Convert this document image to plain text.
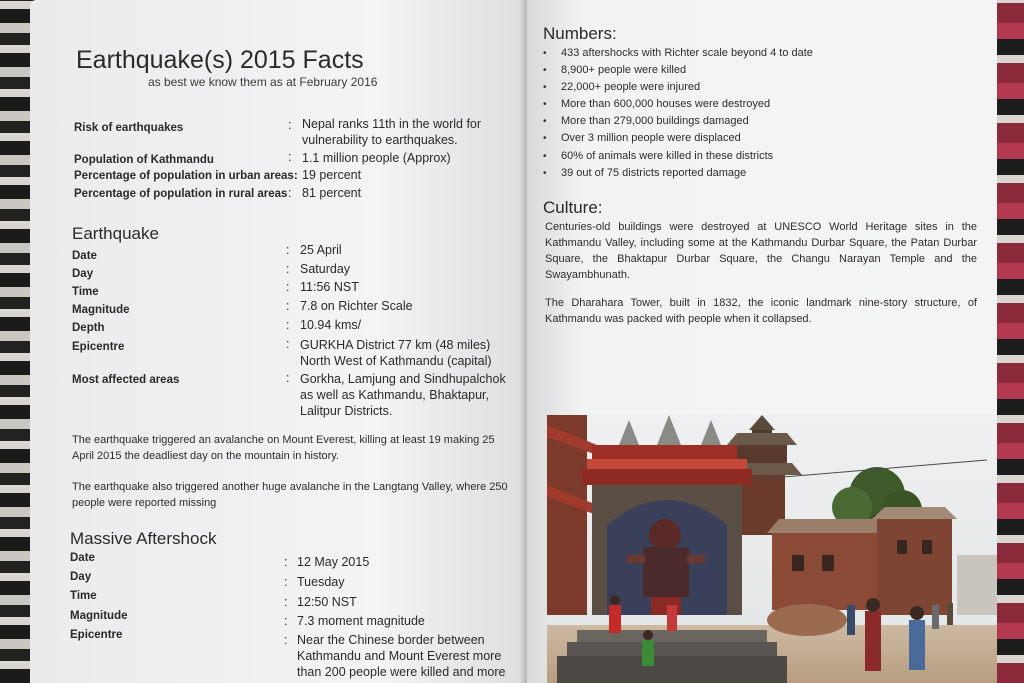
Earthquake(s) 2015 Facts
as best we know them as at February 2016
Risk of earthquakes	: Nepal ranks 11th in the world for vulnerability to earthquakes.
Population of Kathmandu	: 1.1 million people (Approx)
Percentage of population in urban areas: 19 percent
Percentage of population in rural areas : 81 percent
Earthquake
Date	: 25 April
Day	: Saturday
Time	: 11:56 NST
Magnitude	: 7.8 on Richter Scale
Depth	: 10.94 kms/
Epicentre	: GURKHA District 77 km (48 miles) North West of Kathmandu (capital)
Most affected areas	: Gorkha, Lamjung and Sindhupalchok as well as Kathmandu, Bhaktapur, Lalitpur Districts.
The earthquake triggered an avalanche on Mount Everest, killing at least 19 making 25 April 2015 the deadliest day on the mountain in history.
The earthquake also triggered another huge avalanche in the Langtang Valley, where 250 people were reported missing
Massive Aftershock
Date	: 12 May 2015
Day	: Tuesday
Time	: 12:50 NST
Magnitude	: 7.3 moment magnitude
Epicentre	: Near the Chinese border between Kathmandu and Mount Everest more than 200 people were killed and more
Numbers:
• 433 aftershocks with Richter scale beyond 4 to date
• 8,900+ people were killed
• 22,000+ people were injured
• More than 600,000 houses were destroyed
• More than 279,000 buildings damaged
• Over 3 million people were displaced
• 60% of animals were killed in these districts
• 39 out of 75 districts reported damage
Culture:
Centuries-old buildings were destroyed at UNESCO World Heritage sites in the Kathmandu Valley, including some at the Kathmandu Durbar Square, the Patan Durbar Square, the Bhaktapur Durbar Square, the Changu Narayan Temple and the Swayambhunath.
The Dharahara Tower, built in 1832, the iconic landmark nine-story structure, of Kathmandu was packed with people when it collapsed.
